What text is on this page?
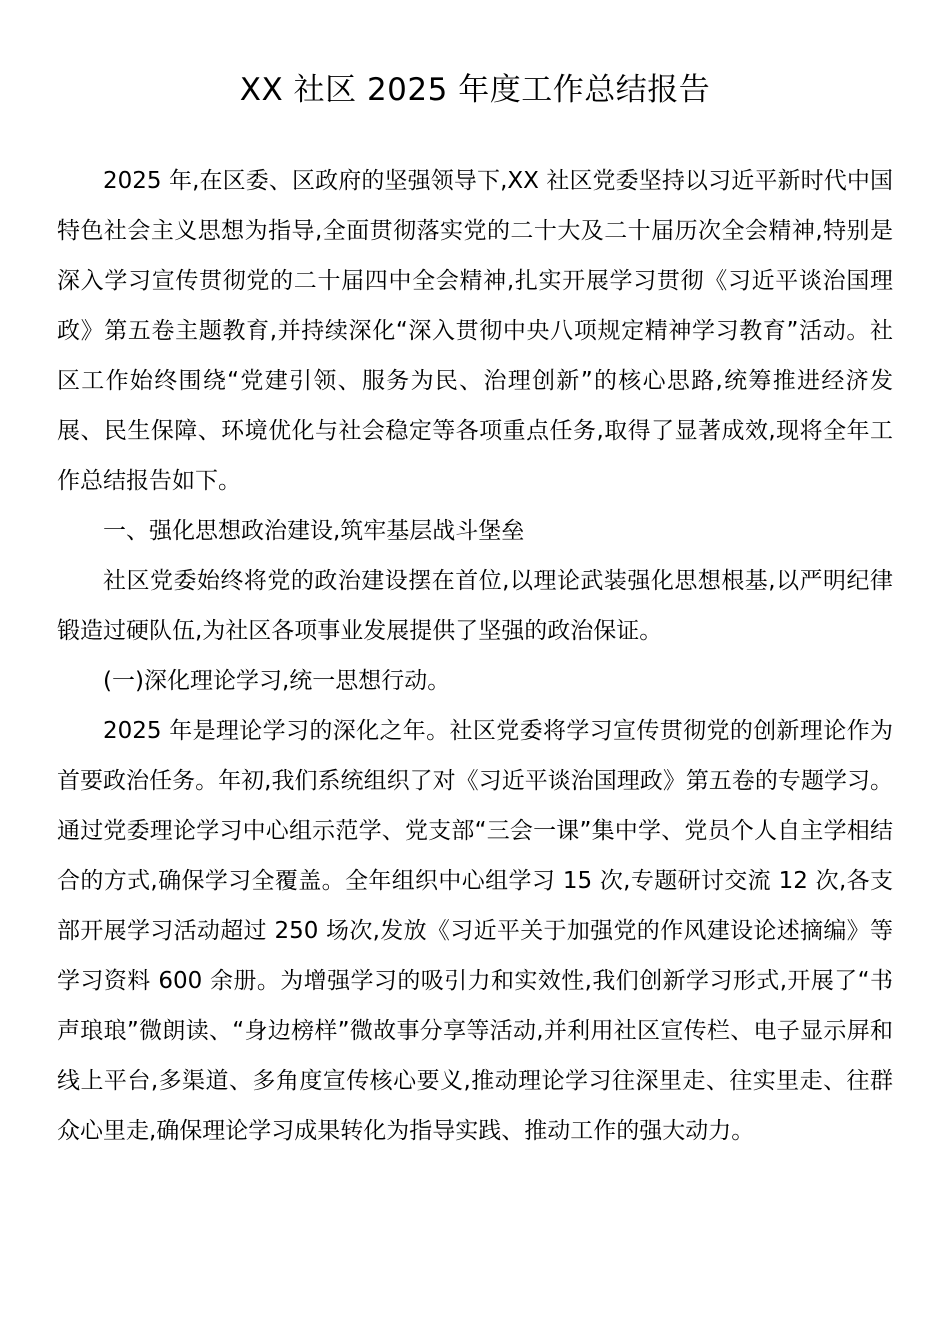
XX 社区 2025 年度工作总结报告

2025 年,在区委、区政府的坚强领导下,XX 社区党委坚持以习近平新时代中国特色社会主义思想为指导,全面贯彻落实党的二十大及二十届历次全会精神,特别是深入学习宣传贯彻党的二十届四中全会精神,扎实开展学习贯彻《习近平谈治国理政》第五卷主题教育,并持续深化“深入贯彻中央八项规定精神学习教育”活动。社区工作始终围绕“党建引领、服务为民、治理创新”的核心思路,统筹推进经济发展、民生保障、环境优化与社会稳定等各项重点任务,取得了显著成效,现将全年工作总结报告如下。

一、强化思想政治建设,筑牢基层战斗堡垒

社区党委始终将党的政治建设摆在首位,以理论武装强化思想根基,以严明纪律锻造过硬队伍,为社区各项事业发展提供了坚强的政治保证。

(一)深化理论学习,统一思想行动。

2025 年是理论学习的深化之年。社区党委将学习宣传贯彻党的创新理论作为首要政治任务。年初,我们系统组织了对《习近平谈治国理政》第五卷的专题学习。通过党委理论学习中心组示范学、党支部“三会一课”集中学、党员个人自主学相结合的方式,确保学习全覆盖。全年组织中心组学习 15 次,专题研讨交流 12 次,各支部开展学习活动超过 250 场次,发放《习近平关于加强党的作风建设论述摘编》等学习资料 600 余册。为增强学习的吸引力和实效性,我们创新学习形式,开展了“书声琅琅”微朗读、“身边榜样”微故事分享等活动,并利用社区宣传栏、电子显示屏和线上平台,多渠道、多角度宣传核心要义,推动理论学习往深里走、往实里走、往群众心里走,确保理论学习成果转化为指导实践、推动工作的强大动力。
